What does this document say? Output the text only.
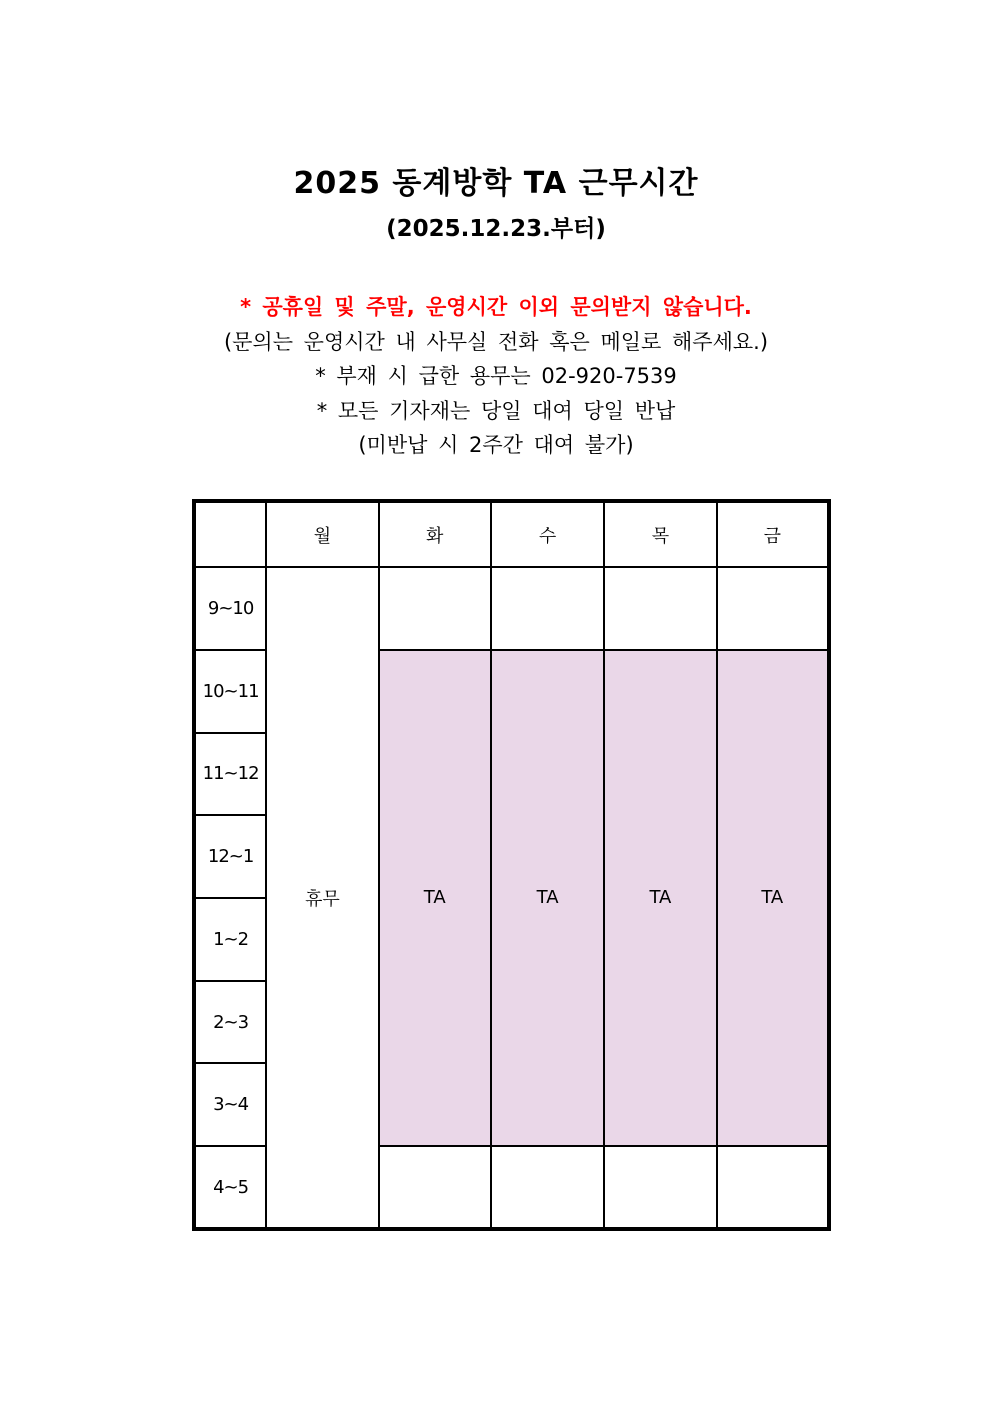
2025 동계방학 TA 근무시간
(2025.12.23.부터)
* 공휴일 및 주말, 운영시간 이외 문의받지 않습니다.
(문의는 운영시간 내 사무실 전화 혹은 메일로 해주세요.)
* 부재 시 급한 용무는 02-920-7539
* 모든 기자재는 당일 대여 당일 반납
(미반납 시 2주간 대여 불가)
	월	화	수	목	금
9~10	휴무				
10~11		TA	TA	TA	TA
11~12					
12~1					
1~2					
2~3					
3~4					
4~5					
